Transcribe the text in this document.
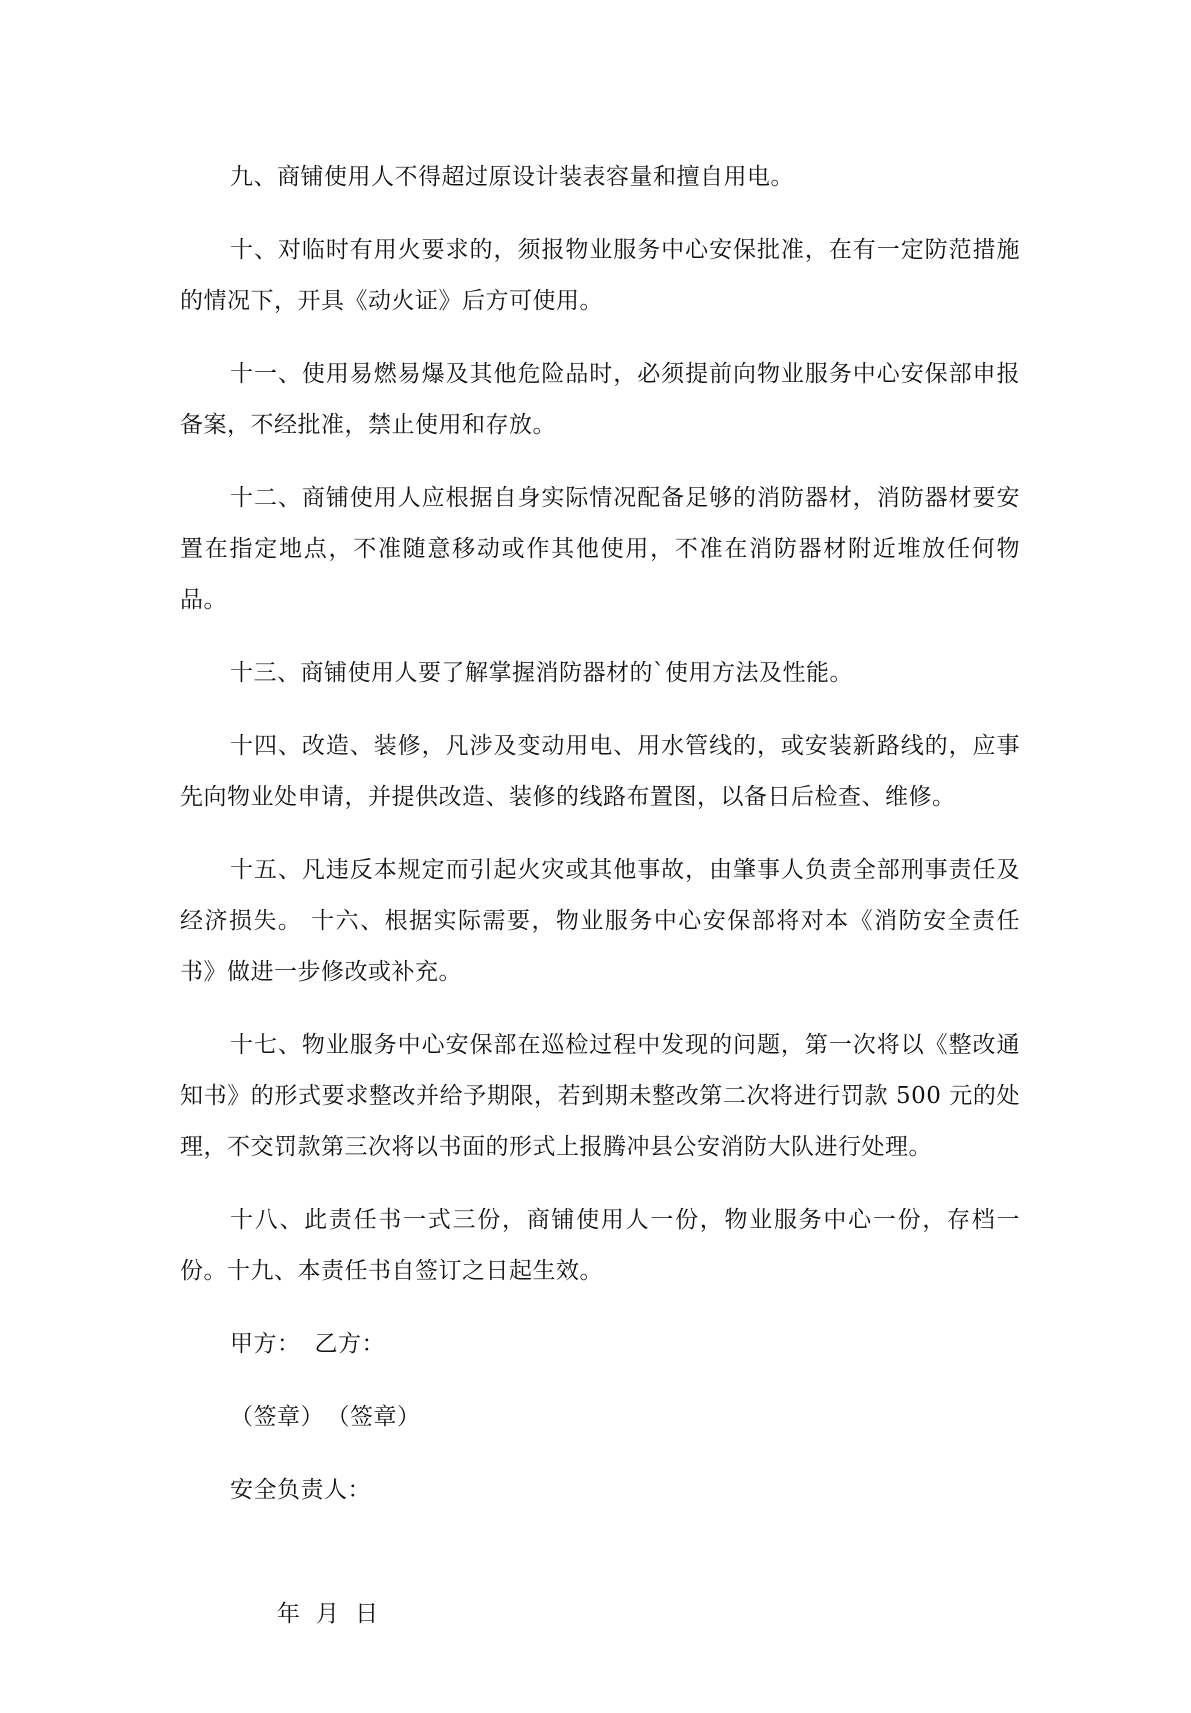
九、商铺使用人不得超过原设计装表容量和擅自用电。

十、对临时有用火要求的，须报物业服务中心安保批准，在有一定防范措施的情况下，开具《动火证》后方可使用。

十一、使用易燃易爆及其他危险品时，必须提前向物业服务中心安保部申报备案，不经批准，禁止使用和存放。

十二、商铺使用人应根据自身实际情况配备足够的消防器材，消防器材要安置在指定地点，不准随意移动或作其他使用，不准在消防器材附近堆放任何物品。

十三、商铺使用人要了解掌握消防器材的`使用方法及性能。

十四、改造、装修，凡涉及变动用电、用水管线的，或安装新路线的，应事先向物业处申请，并提供改造、装修的线路布置图，以备日后检查、维修。

十五、凡违反本规定而引起火灾或其他事故，由肇事人负责全部刑事责任及经济损失。 十六、根据实际需要，物业服务中心安保部将对本《消防安全责任书》做进一步修改或补充。

十七、物业服务中心安保部在巡检过程中发现的问题，第一次将以《整改通知书》的形式要求整改并给予期限，若到期未整改第二次将进行罚款 500 元的处理，不交罚款第三次将以书面的形式上报腾冲县公安消防大队进行处理。

十八、此责任书一式三份，商铺使用人一份，物业服务中心一份，存档一份。十九、本责任书自签订之日起生效。

甲方： 乙方：
（签章） （签章）
安全负责人：

年  月  日
